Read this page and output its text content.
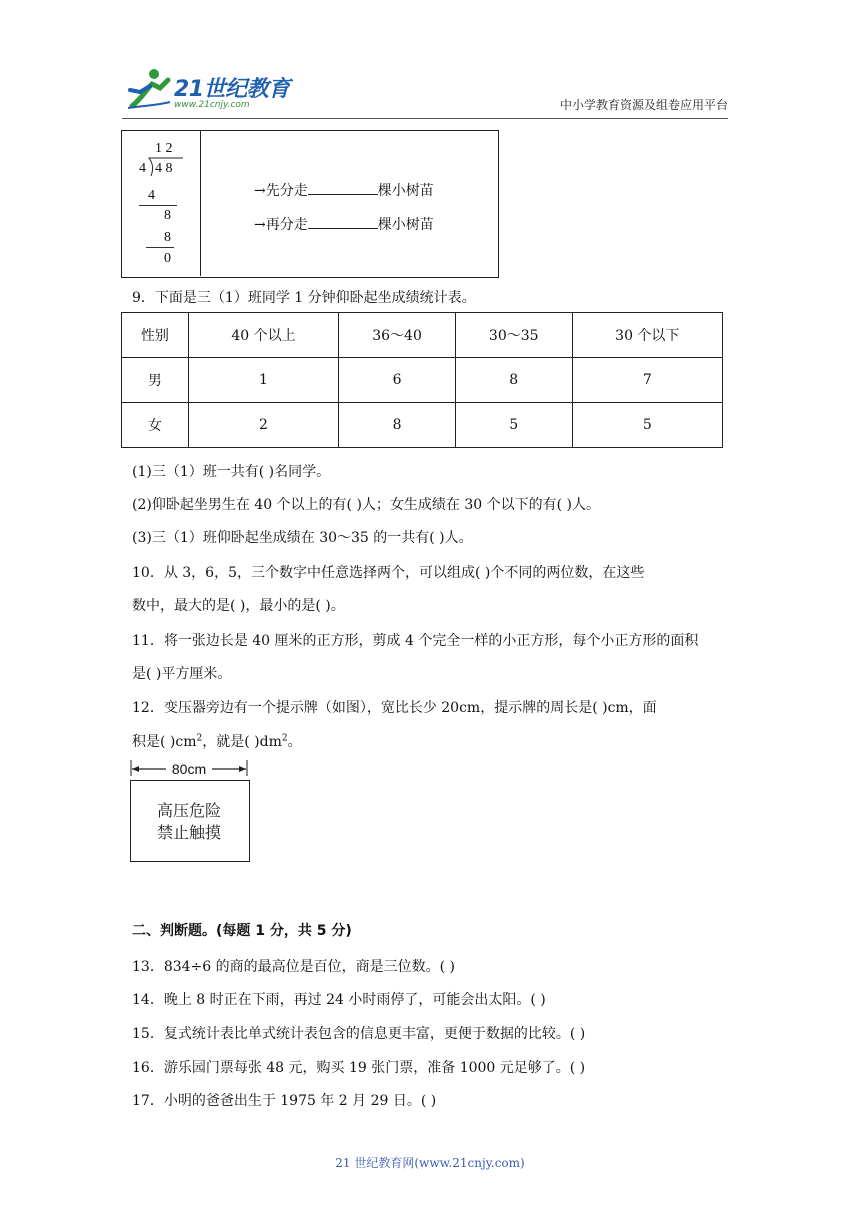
21世纪教育
www.21cnjy.com	中小学教育资源及组卷应用平台
1 2
4 4 8
4
8
8
0
→先分走	棵小树苗
→再分走	棵小树苗
9．下面是三（1）班同学 1 分钟仰卧起坐成绩统计表。
性别	40 个以上	36～40	30～35	30 个以下
男	1	6	8	7
女	2	8	5	5
(1)三（1）班一共有( )名同学。
(2)仰卧起坐男生在 40 个以上的有( )人；女生成绩在 30 个以下的有( )人。
(3)三（1）班仰卧起坐成绩在 30～35 的一共有( )人。
10．从 3，6，5，三个数字中任意选择两个，可以组成( )个不同的两位数，在这些
数中，最大的是( )，最小的是( )。
11．将一张边长是 40 厘米的正方形，剪成 4 个完全一样的小正方形，每个小正方形的面积
是( )平方厘米。
12．变压器旁边有一个提示牌（如图），宽比长少 20cm，提示牌的周长是( )cm，面
积是( )$cm^2$，就是( )$dm^2$。
80cm
高压危险
禁止触摸
二、判断题。(每题 1 分，共 5 分)
13．834÷6 的商的最高位是百位，商是三位数。( )
14．晚上 8 时正在下雨，再过 24 小时雨停了，可能会出太阳。( )
15．复式统计表比单式统计表包含的信息更丰富，更便于数据的比较。( )
16．游乐园门票每张 48 元，购买 19 张门票，准备 1000 元足够了。( )
17．小明的爸爸出生于 1975 年 2 月 29 日。( )
21 世纪教育网(www.21cnjy.com)
